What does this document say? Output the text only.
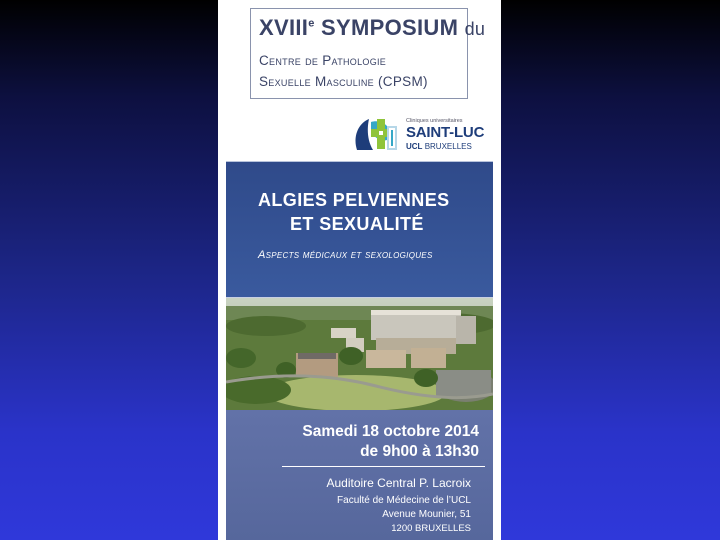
XVIIIe SYMPOSIUM du
Centre de Pathologie
Sexuelle Masculine (CPSM)
Cliniques universitaires
SAINT-LUC
UCL BRUXELLES
ALGIES PELVIENNES
ET SEXUALITÉ
Aspects médicaux et sexologiques
Samedi 18 octobre 2014
de 9h00 à 13h30
Auditoire Central P. Lacroix
Faculté de Médecine de l’UCL
Avenue Mounier, 51
1200 BRUXELLES
